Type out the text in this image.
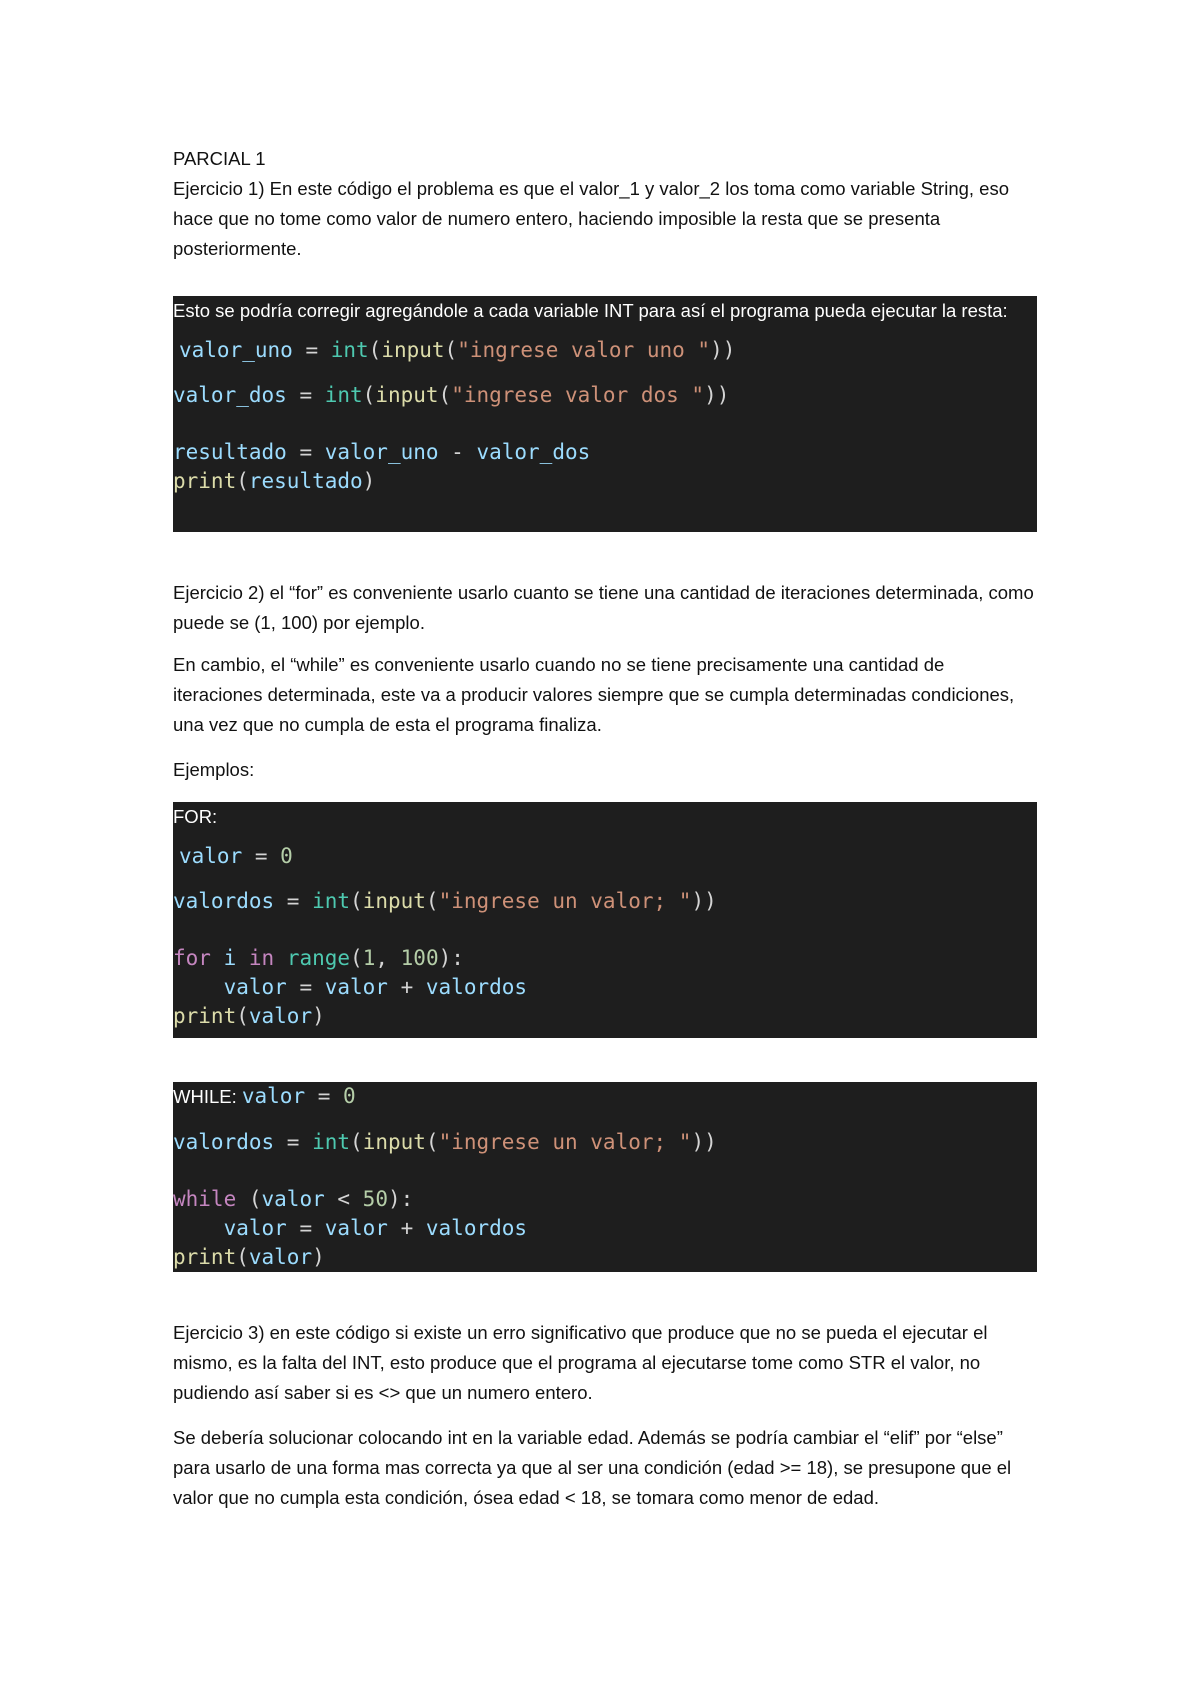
PARCIAL 1

Ejercicio 1) En este código el problema es que el valor_1 y valor_2 los toma como variable String, eso hace que no tome como valor de numero entero, haciendo imposible la resta que se presenta posteriormente.

Esto se podría corregir agregándole a cada variable INT para así el programa pueda ejecutar la resta:
valor_uno = int(input("ingrese valor uno "))
valor_dos = int(input("ingrese valor dos "))
resultado = valor_uno - valor_dos
print(resultado)

Ejercicio 2) el “for” es conveniente usarlo cuanto se tiene una cantidad de iteraciones determinada, como puede se (1, 100) por ejemplo.

En cambio, el “while” es conveniente usarlo cuando no se tiene precisamente una cantidad de iteraciones determinada, este va a producir valores siempre que se cumpla determinadas condiciones, una vez que no cumpla de esta el programa finaliza.

Ejemplos:

FOR:
valor = 0
valordos = int(input("ingrese un valor; "))
for i in range(1, 100):
valor = valor + valordos
print(valor)
WHILE: valor = 0
valordos = int(input("ingrese un valor; "))
while (valor < 50):
valor = valor + valordos
print(valor)

Ejercicio 3) en este código si existe un erro significativo que produce que no se pueda el ejecutar el mismo, es la falta del INT, esto produce que el programa al ejecutarse tome como STR el valor, no pudiendo así saber si es <> que un numero entero.

Se debería solucionar colocando int en la variable edad. Además se podría cambiar el “elif” por “else” para usarlo de una forma mas correcta ya que al ser una condición (edad >= 18), se presupone que el valor que no cumpla esta condición, ósea edad < 18, se tomara como menor de edad.
